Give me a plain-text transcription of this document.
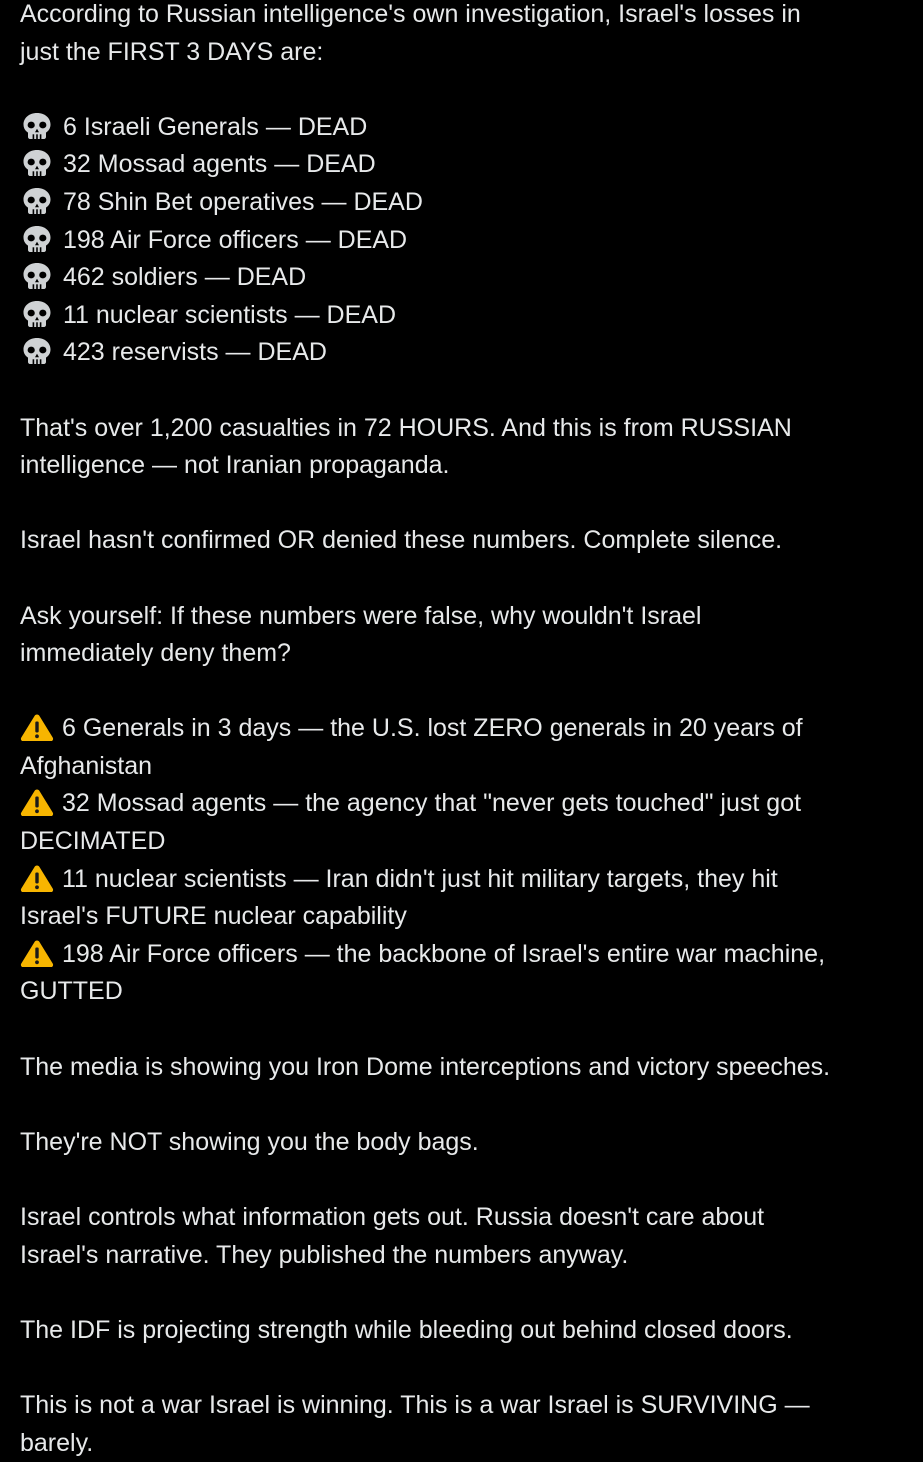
According to Russian intelligence's own investigation, Israel's losses in
just the FIRST 3 DAYS are:
6 Israeli Generals — DEAD
32 Mossad agents — DEAD
78 Shin Bet operatives — DEAD
198 Air Force officers — DEAD
462 soldiers — DEAD
11 nuclear scientists — DEAD
423 reservists — DEAD
That's over 1,200 casualties in 72 HOURS. And this is from RUSSIAN
intelligence — not Iranian propaganda.
Israel hasn't confirmed OR denied these numbers. Complete silence.
Ask yourself: If these numbers were false, why wouldn't Israel
immediately deny them?
6 Generals in 3 days — the U.S. lost ZERO generals in 20 years of
Afghanistan
32 Mossad agents — the agency that "never gets touched" just got
DECIMATED
11 nuclear scientists — Iran didn't just hit military targets, they hit
Israel's FUTURE nuclear capability
198 Air Force officers — the backbone of Israel's entire war machine,
GUTTED
The media is showing you Iron Dome interceptions and victory speeches.
They're NOT showing you the body bags.
Israel controls what information gets out. Russia doesn't care about
Israel's narrative. They published the numbers anyway.
The IDF is projecting strength while bleeding out behind closed doors.
This is not a war Israel is winning. This is a war Israel is SURVIVING —
barely.
